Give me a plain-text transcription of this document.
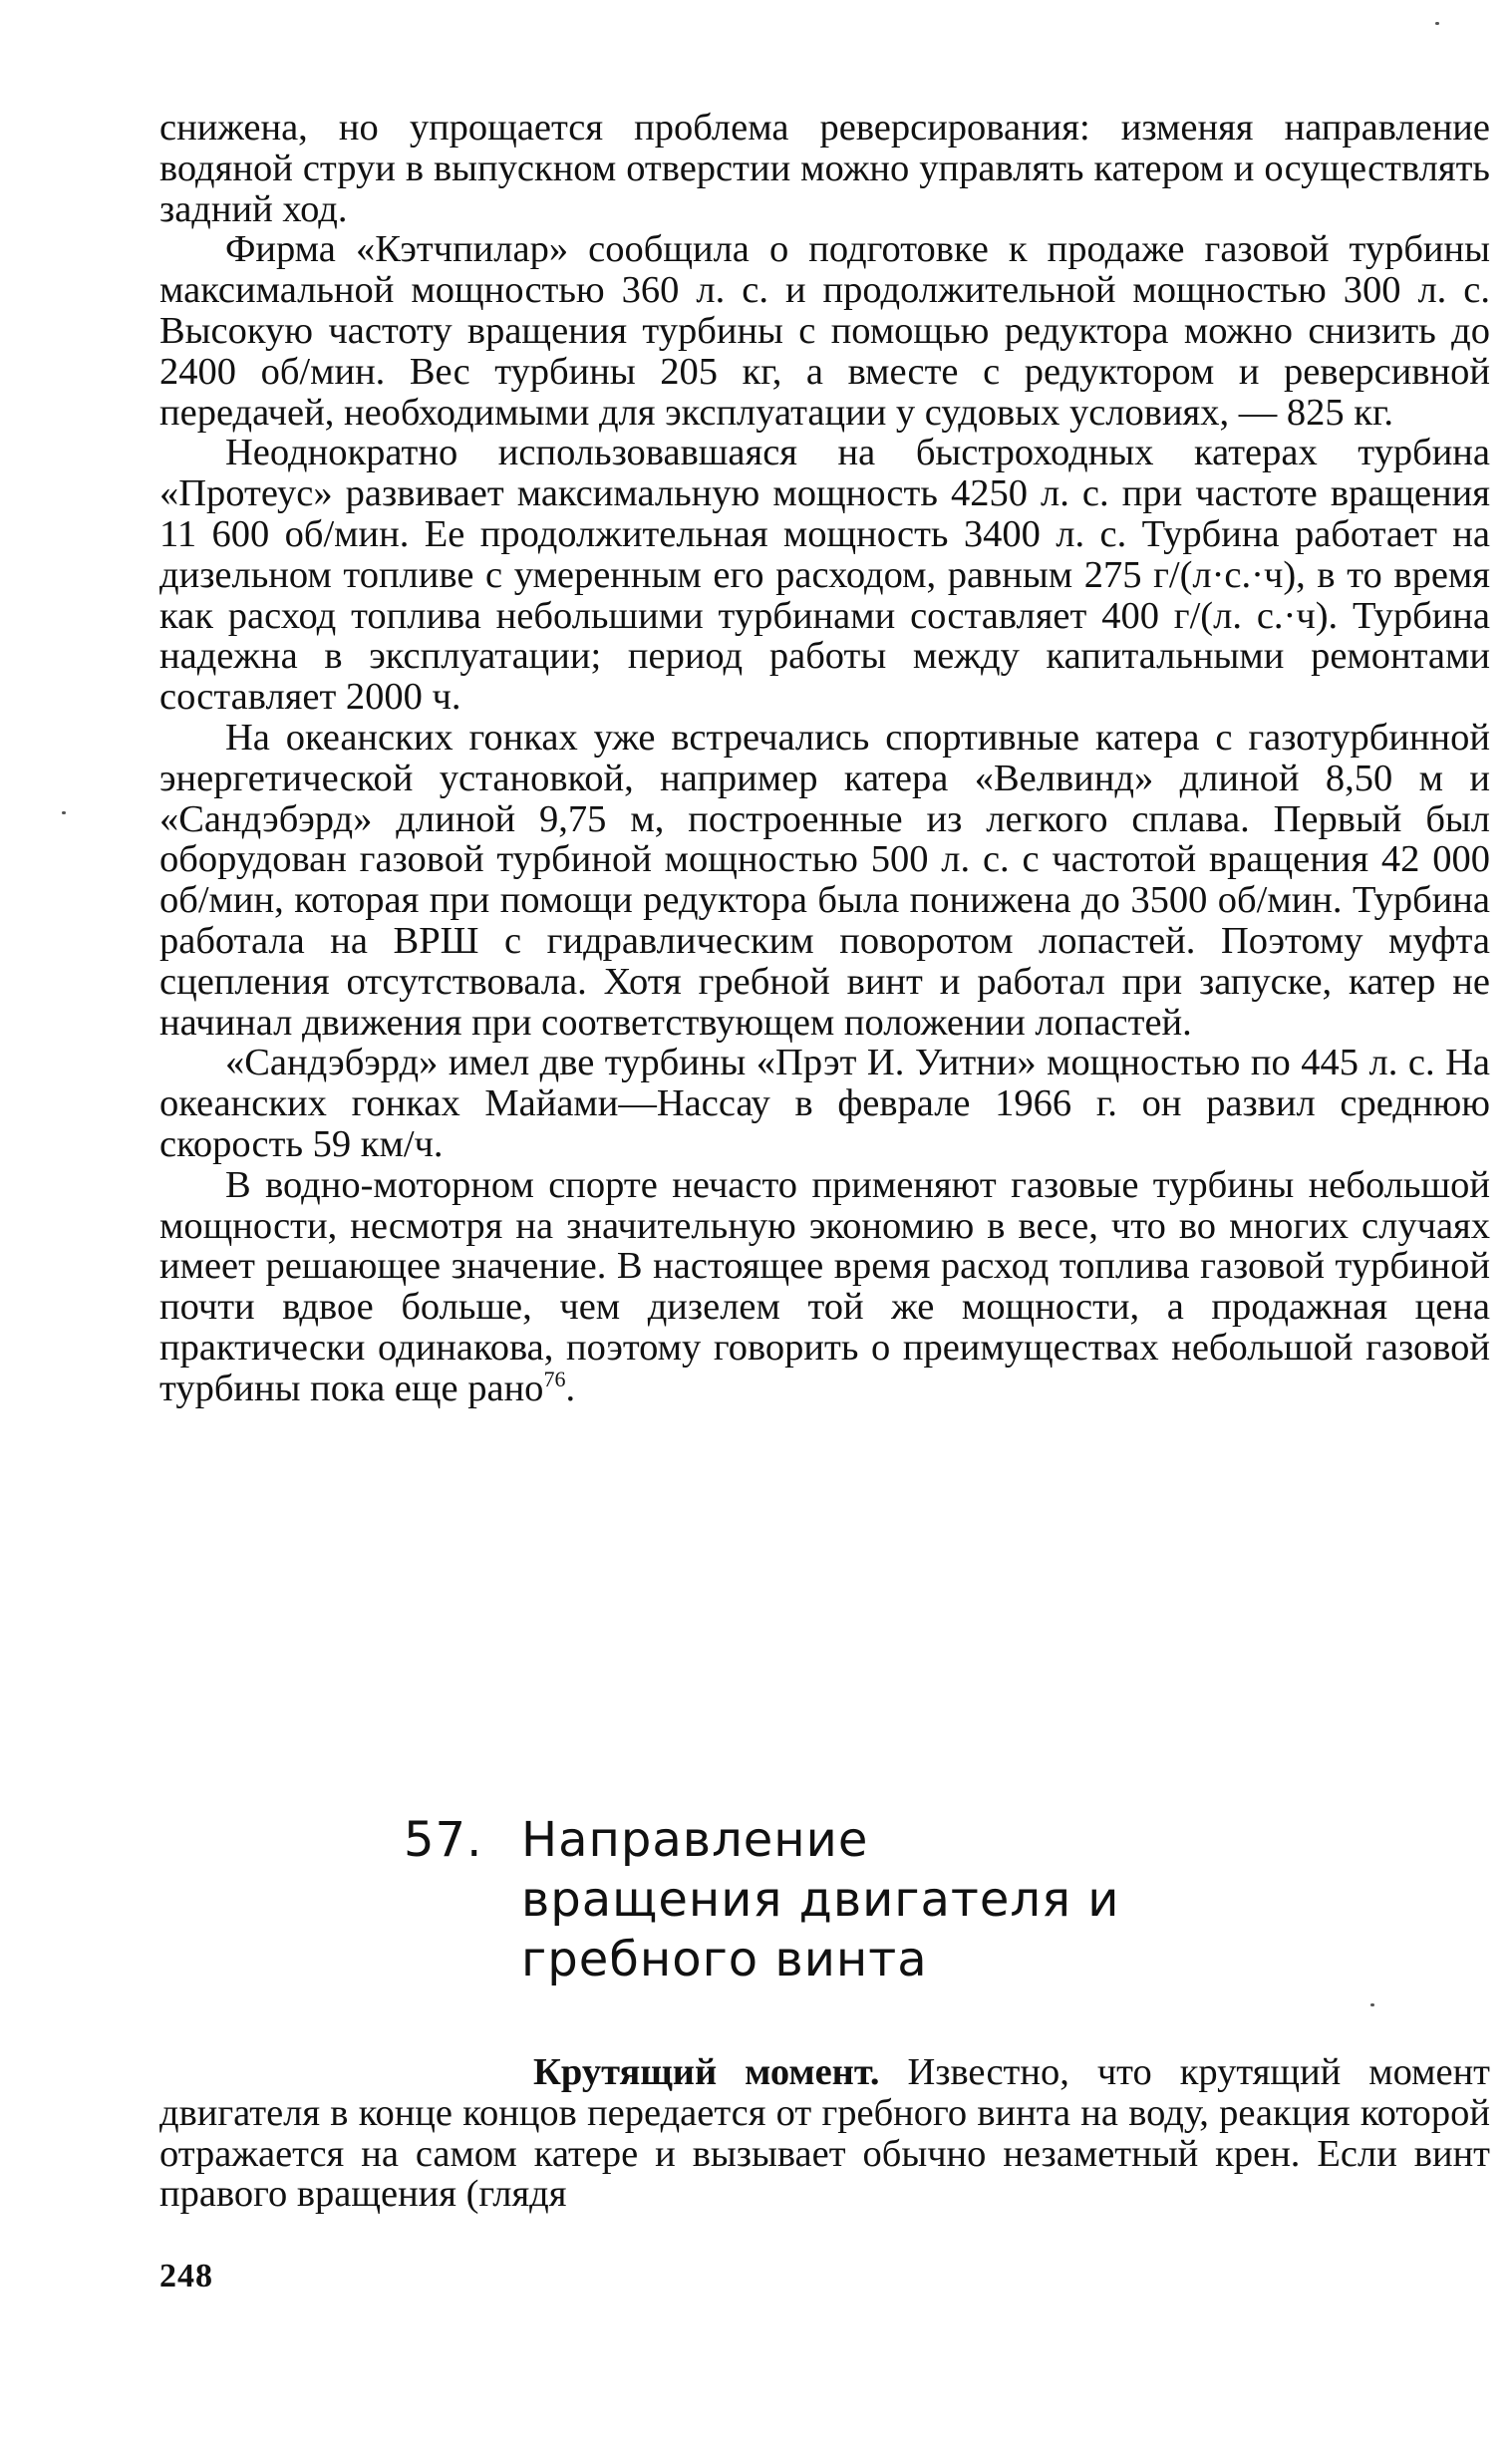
снижена, но упрощается проблема реверсирования: изменяя направление водяной струи в выпускном отверстии можно управлять катером и осуществлять задний ход.

Фирма «Кэтчпилар» сообщила о подготовке к продаже газовой турбины максимальной мощностью 360 л. с. и продолжительной мощностью 300 л. с. Высокую частоту вращения турбины с помощью редуктора можно снизить до 2400 об/мин. Вес турбины 205 кг, а вместе с редуктором и реверсивной передачей, необходимыми для эксплуатации у судовых условиях, — 825 кг.

Неоднократно использовавшаяся на быстроходных катерах турбина «Протеус» развивает максимальную мощность 4250 л. с. при частоте вращения 11 600 об/мин. Ее продолжительная мощность 3400 л. с. Турбина работает на дизельном топливе с умеренным его расходом, равным 275 г/(л·с.·ч), в то время как расход топлива небольшими турбинами составляет 400 г/(л. с.·ч). Турбина надежна в эксплуатации; период работы между капитальными ремонтами составляет 2000 ч.

На океанских гонках уже встречались спортивные катера с газотурбинной энергетической установкой, например катера «Велвинд» длиной 8,50 м и «Сандэбэрд» длиной 9,75 м, построенные из легкого сплава. Первый был оборудован газовой турбиной мощностью 500 л. с. с частотой вращения 42 000 об/мин, которая при помощи редуктора была понижена до 3500 об/мин. Турбина работала на ВРШ с гидравлическим поворотом лопастей. Поэтому муфта сцепления отсутствовала. Хотя гребной винт и работал при запуске, катер не начинал движения при соответствующем положении лопастей.

«Сандэбэрд» имел две турбины «Прэт И. Уитни» мощностью по 445 л. с. На океанских гонках Майами—Нассау в феврале 1966 г. он развил среднюю скорость 59 км/ч.

В водно-моторном спорте нечасто применяют газовые турбины небольшой мощности, несмотря на значительную экономию в весе, что во многих случаях имеет решающее значение. В настоящее время расход топлива газовой турбиной почти вдвое больше, чем дизелем той же мощности, а продажная цена практически одинакова, поэтому говорить о преимуществах небольшой газовой турбины пока еще рано$^{76}$.

57. Направление вращения двигателя и гребного винта

Крутящий момент. Известно, что крутящий момент двигателя в конце концов передается от гребного винта на воду, реакция которой отражается на самом катере и вызывает обычно незаметный крен. Если винт правого вращения (глядя

248
